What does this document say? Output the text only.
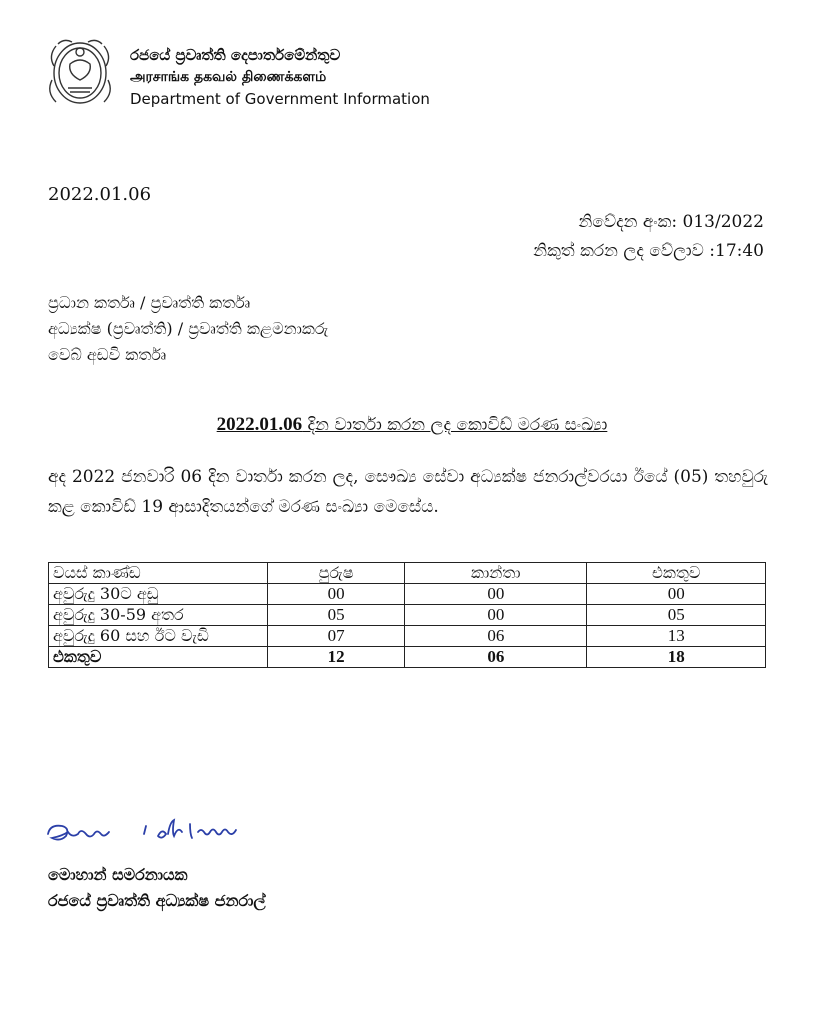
රජයේ ප්‍රවෘත්ති දෙපාර්තමේන්තුව
அரசாங்க தகவல் திணைக்களம்
Department of Government Information
2022.01.06
නිවේදන අංක: 013/2022
නිකුත් කරන ලද වේලාව :17:40
ප්‍රධාන කර්තෘ / ප්‍රවෘත්ති කර්තෘ
අධ්‍යක්ෂ (ප්‍රවෘත්ති) / ප්‍රවෘත්ති කළමනාකරු
වෙබ් අඩවි කර්තෘ
2022.01.06 දින වාර්තා කරන ලද කොවිඩ් මරණ සංඛ්‍යා
අද 2022 ජනවාරි 06 දින වාර්තා කරන ලද, සෞඛ්‍ය සේවා අධ්‍යක්ෂ ජනරාල්වරයා ඊයේ (05) තහවුරු කළ කොවිඩ් 19 ආසාදිතයන්ගේ මරණ සංඛ්‍යා මෙසේය.
වයස් කාණ්ඩ	පුරුෂ	කාන්තා	එකතුව
අවුරුදු 30ට අඩු	00	00	00
අවුරුදු 30-59 අතර	05	00	05
අවුරුදු 60 සහ ඊට වැඩි	07	06	13
එකතුව	12	06	18
මොහාන් සමරනායක
රජයේ ප්‍රවෘත්ති අධ්‍යක්ෂ ජනරාල්
